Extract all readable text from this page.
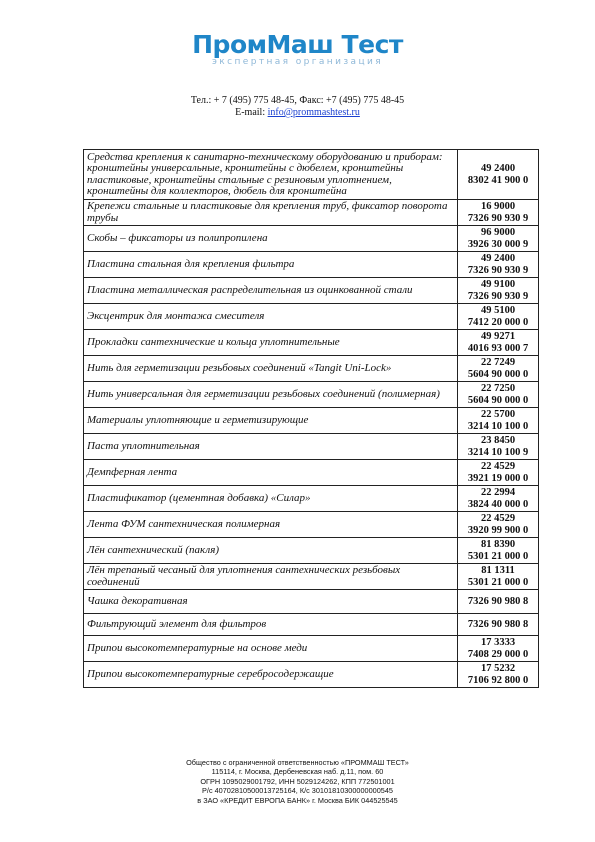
ПромМаш Тест
экспертная организация
Тел.: + 7 (495) 775 48-45, Факс: +7 (495) 775 48-45
E-mail: info@prommashtest.ru
Средства крепления к санитарно-техническому оборудованию и приборам: кронштейны универсальные, кронштейны с дюбелем, кронштейны пластиковые, кронштейны стальные с резиновым уплотнением, кронштейны для коллекторов, дюбель для кронштейна	49 2400
8302 41 900 0

Крепежи стальные и пластиковые для крепления труб, фиксатор поворота трубы	16 9000
7326 90 930 9

Скобы – фиксаторы из полипропилена	96 9000
3926 30 000 9

Пластина стальная для крепления фильтра	49 2400
7326 90 930 9

Пластина металлическая распределительная из оцинкованной стали	49 9100
7326 90 930 9

Эксцентрик для монтажа смесителя	49 5100
7412 20 000 0

Прокладки сантехнические и кольца уплотнительные	49 9271
4016 93 000 7

Нить для герметизации резьбовых соединений «Tangit Uni-Lock»	22 7249
5604 90 000 0

Нить универсальная для герметизации резьбовых соединений (полимерная)	22 7250
5604 90 000 0

Материалы уплотняющие и герметизирующие	22 5700
3214 10 100 0

Паста уплотнительная	23 8450
3214 10 100 9

Демпферная лента	22 4529
3921 19 000 0

Пластификатор (цементная добавка) «Силар»	22 2994
3824 40 000 0

Лента ФУМ сантехническая полимерная	22 4529
3920 99 900 0

Лён сантехнический (пакля)	81 8390
5301 21 000 0

Лён трепаный чесаный для уплотнения сантехнических резьбовых соединений	81 1311
5301 21 000 0

Чашка декоративная	7326 90 980 8

Фильтрующий элемент для фильтров	7326 90 980 8

Припои высокотемпературные на основе меди	17 3333
7408 29 000 0

Припои высокотемпературные серебросодержащие	17 5232
7106 92 800 0
Общество с ограниченной ответственностью «ПРОММАШ ТЕСТ»
115114, г. Москва, Дербеневская наб. д.11, пом. 60
ОГРН 1095029001792, ИНН 5029124262, КПП 772501001
Р/с 40702810500013725164, К/с 30101810300000000545
в ЗАО «КРЕДИТ ЕВРОПА БАНК» г. Москва БИК 044525545
